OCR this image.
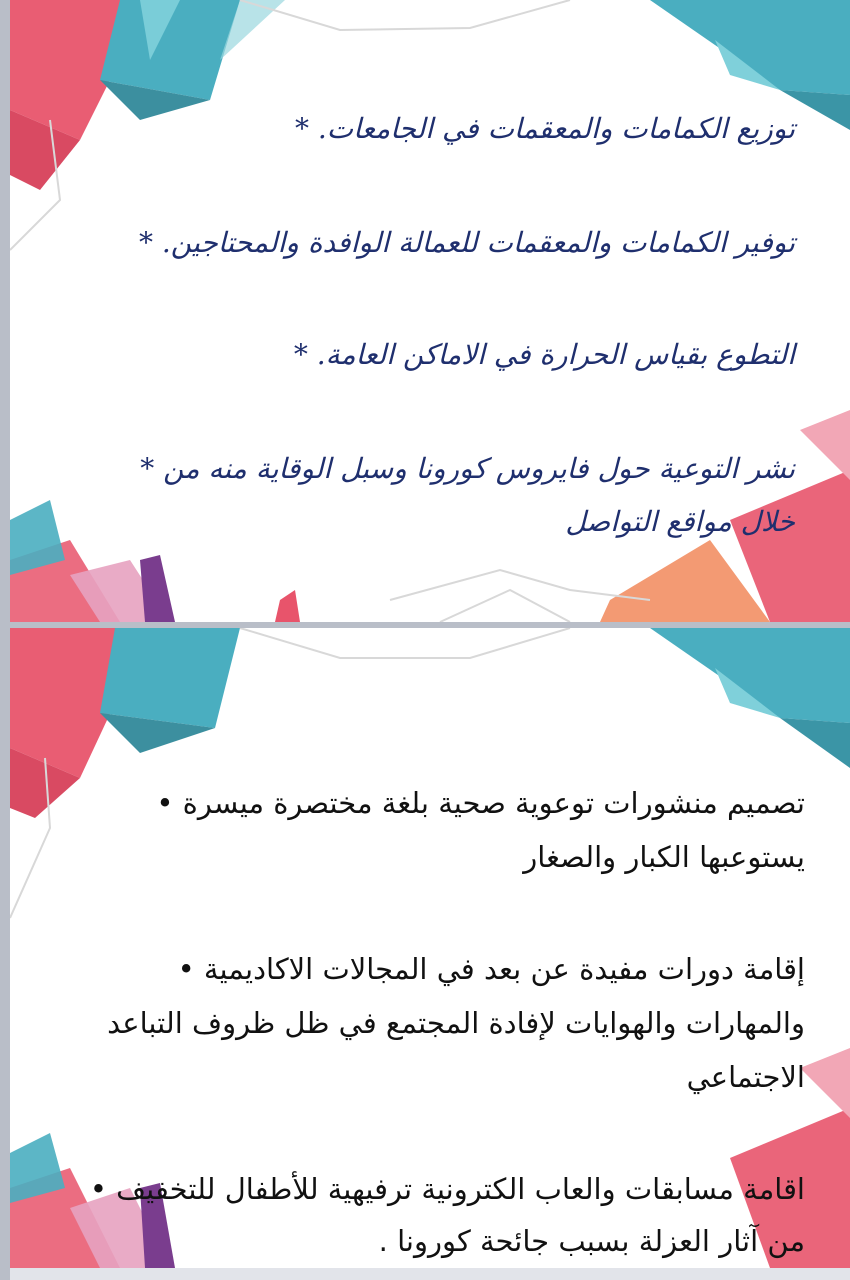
توزيع الكمامات والمعقمات في الجامعات. *
توفير الكمامات والمعقمات للعمالة الوافدة والمحتاجين. *
التطوع بقياس الحرارة في الاماكن العامة. *
نشر التوعية حول فايروس كورونا وسبل الوقاية منه من *
خلال مواقع التواصل
تصميم منشورات توعوية صحية بلغة مختصرة ميسرة •
يستوعبها الكبار والصغار
إقامة دورات مفيدة عن بعد في المجالات الاكاديمية •
والمهارات والهوايات لإفادة المجتمع في ظل ظروف التباعد
الاجتماعي
اقامة مسابقات والعاب الكترونية ترفيهية للأطفال للتخفيف •
من آثار العزلة بسبب جائحة كورونا .
